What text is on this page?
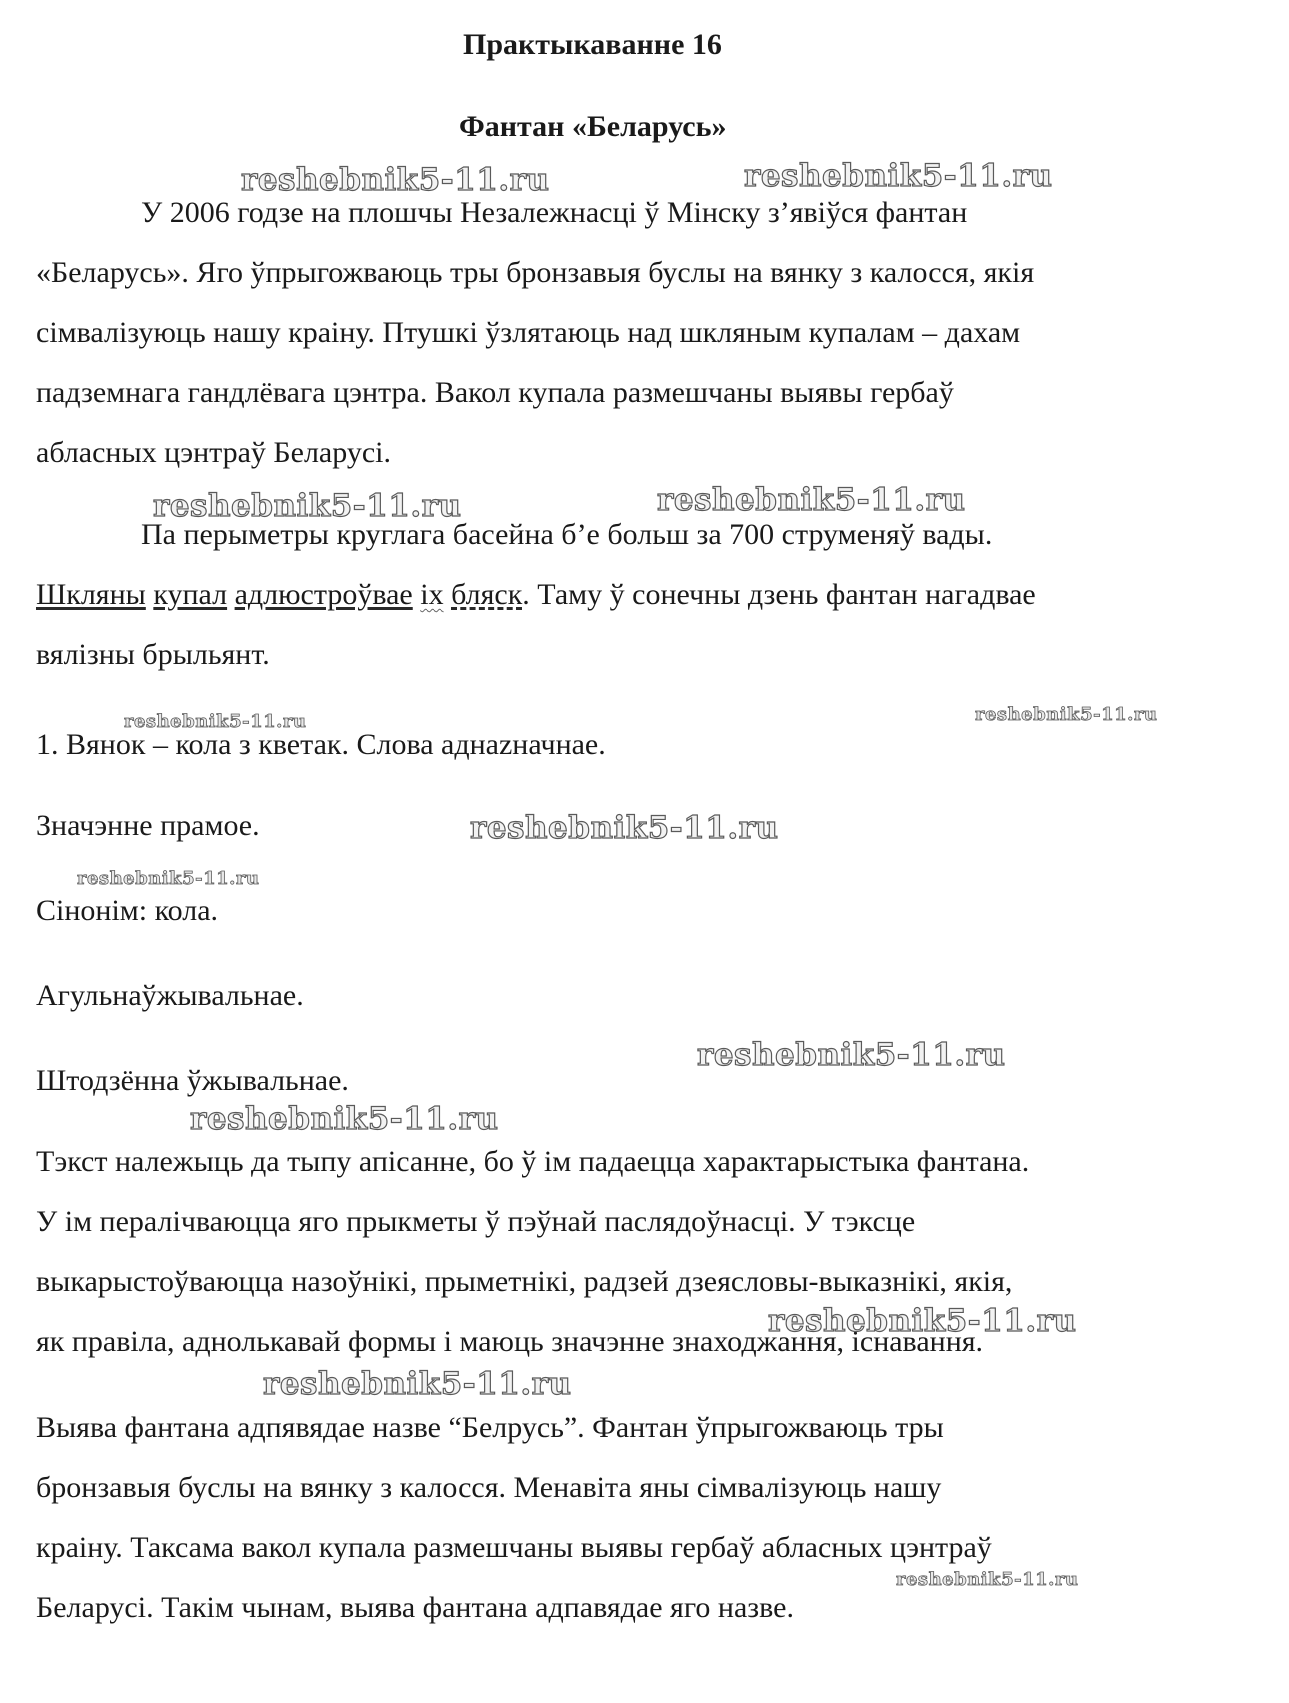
Практыкаванне 16
Фантан «Беларусь»
У 2006 годзе на плошчы Незалежнасці ў Мінску з’явіўся фантан
«Беларусь». Яго ўпрыгожваюць тры бронзавыя буслы на вянку з калосся, якія
сімвалізуюць нашу краіну. Птушкі ўзлятаюць над шкляным купалам – дахам
падземнага гандлёвага цэнтра. Вакол купала размешчаны выявы гербаў
абласных цэнтраў Беларусі.
Па перыметры круглага басейна б’е больш за 700 струменяў вады.
Шкляны купал адлюстроўвае іх бляск. Таму ў сонечны дзень фантан нагадвае
вялізны брыльянт.
1. Вянок – кола з кветак. Слова аднazначнае.
Значэнне прамое.
Сінонім: кола.
Агульнаўжывальнае.
Штодзённа ўжывальнае.
Тэкст належыць да тыпу апісанне, бо ў ім падаецца характарыстыка фантана.
У ім пералічваюцца яго прыкметы ў пэўнай паслядоўнасці. У тэксце
выкарыстоўваюцца назоўнікі, прыметнікі, радзей дзеясловы-выказнікі, якія,
як правіла, аднолькавай формы і маюць значэнне знаходжання, існавання.
Выява фантана адпявядае назве “Белрусь”. Фантан ўпрыгожваюць тры
бронзавыя буслы на вянку з калосся. Менавіта яны сімвалізуюць нашу
краіну. Таксама вакол купала размешчаны выявы гербаў абласных цэнтраў
Беларусі. Такім чынам, выява фантана адпавядае яго назве.
reshebnik5-11.ru	reshebnik5-11.ru
reshebnik5-11.ru	reshebnik5-11.ru
reshebnik5-11.ru	reshebnik5-11.ru
reshebnik5-11.ru
reshebnik5-11.ru
reshebnik5-11.ru
reshebnik5-11.ru
reshebnik5-11.ru
reshebnik5-11.ru
reshebnik5-11.ru
